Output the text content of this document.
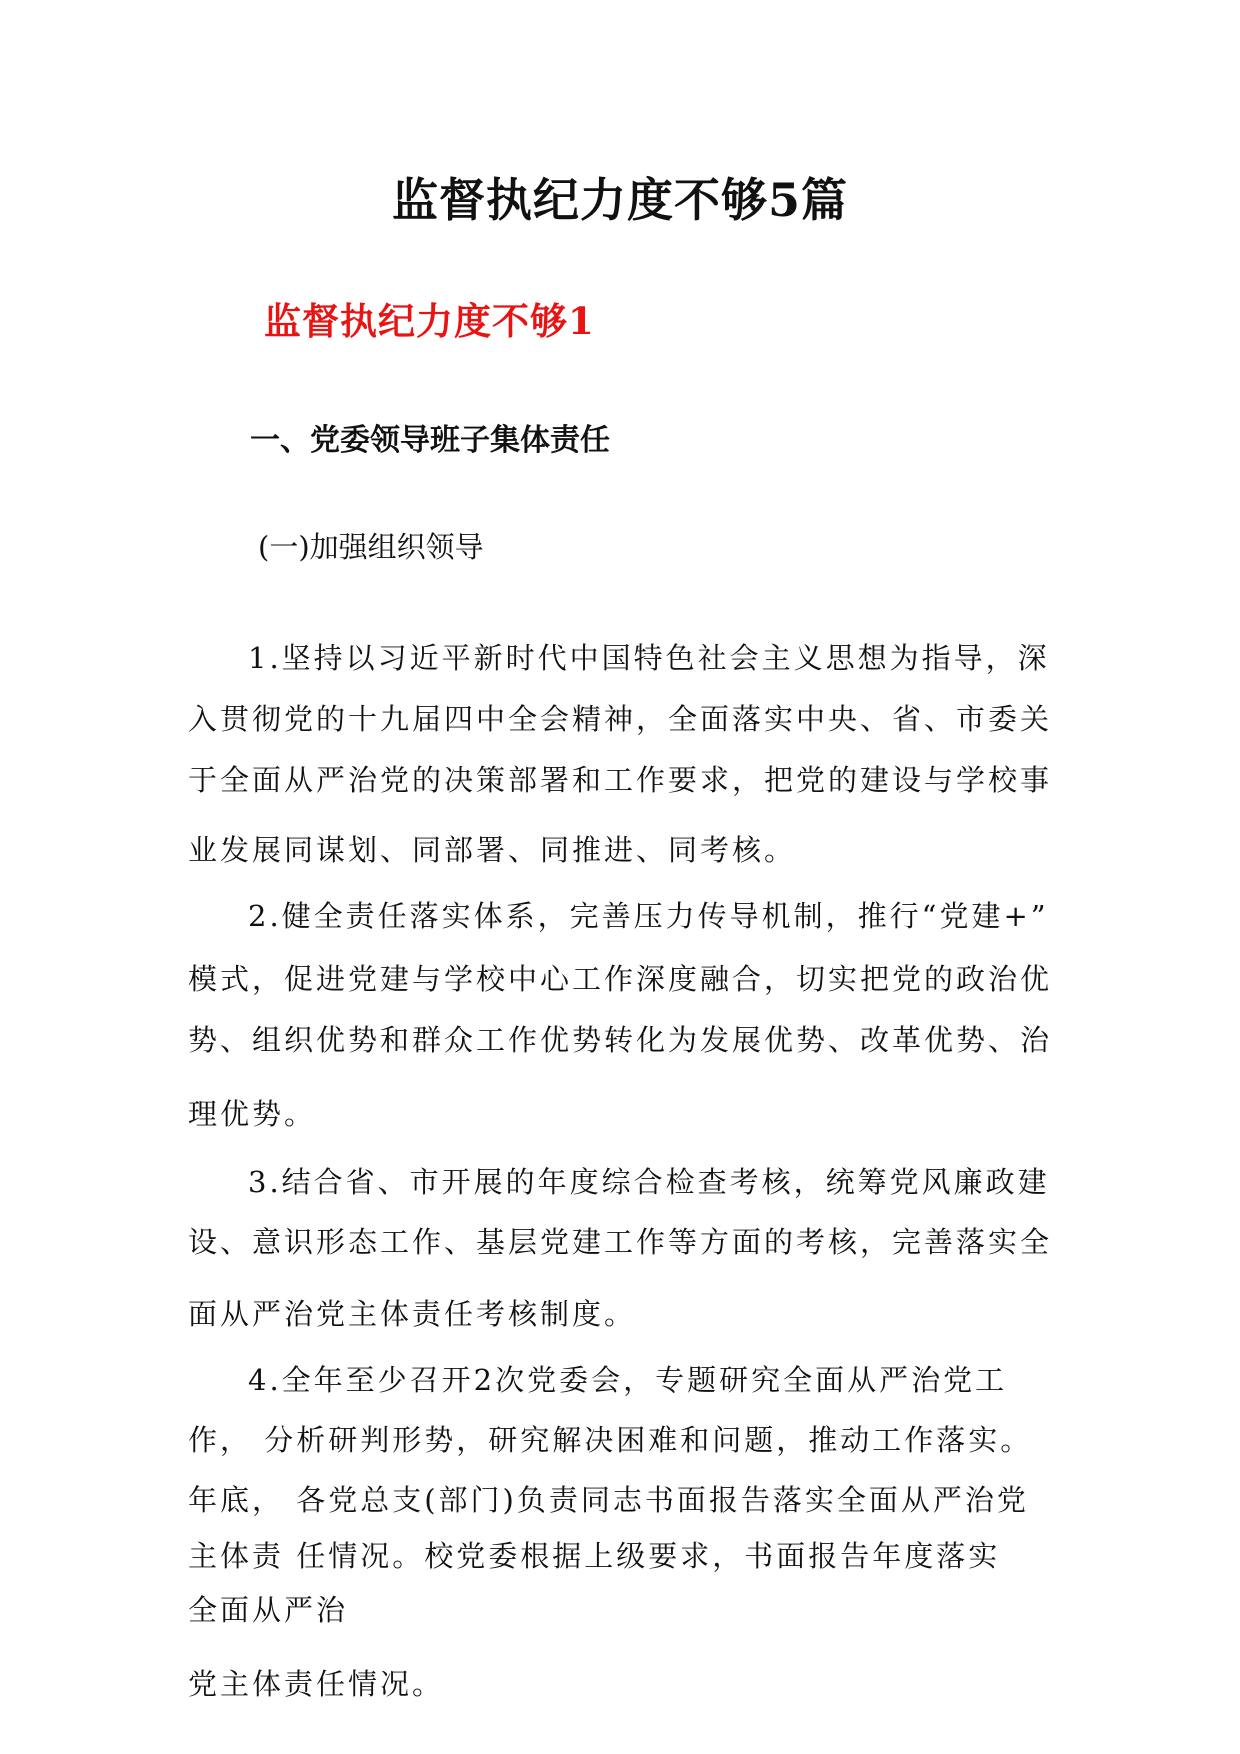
监督执纪力度不够5篇
监督执纪力度不够1
一、党委领导班子集体责任
(一)加强组织领导
1.坚持以习近平新时代中国特色社会主义思想为指导，深
入贯彻党的十九届四中全会精神，全面落实中央、省、市委关
于全面从严治党的决策部署和工作要求，把党的建设与学校事
业发展同谋划、同部署、同推进、同考核。
2.健全责任落实体系，完善压力传导机制，推行“党建+”
模式，促进党建与学校中心工作深度融合，切实把党的政治优
势、组织优势和群众工作优势转化为发展优势、改革优势、治
理优势。
3.结合省、市开展的年度综合检查考核，统筹党风廉政建
设、意识形态工作、基层党建工作等方面的考核，完善落实全
面从严治党主体责任考核制度。
4.全年至少召开2次党委会，专题研究全面从严治党工
作， 分析研判形势，研究解决困难和问题，推动工作落实。
年底， 各党总支(部门)负责同志书面报告落实全面从严治党
主体责 任情况。校党委根据上级要求，书面报告年度落实
全面从严治
党主体责任情况。
